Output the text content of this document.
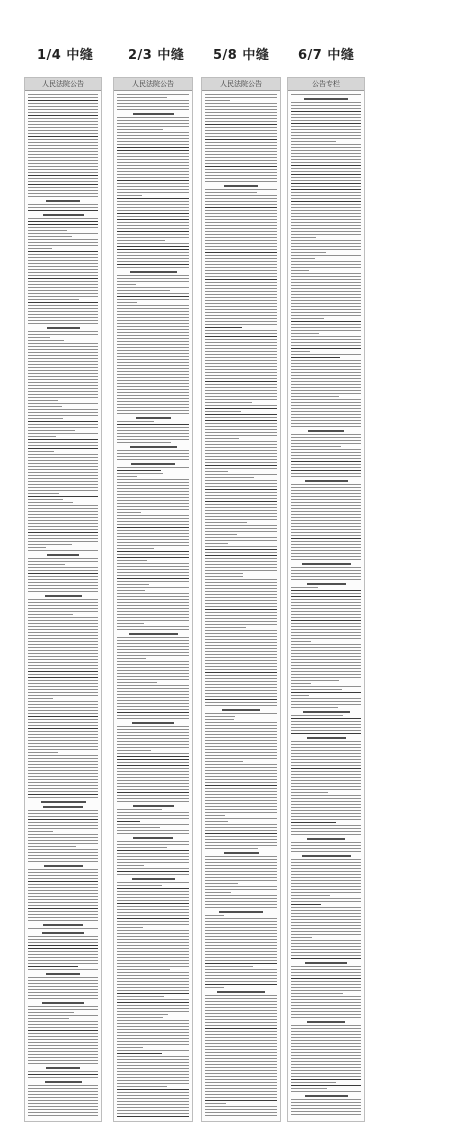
1/4 中缝	2/3 中缝 5/8 中缝 6/7 中缝
人民法院公告	人民法院公告	人民法院公告	公告专栏
